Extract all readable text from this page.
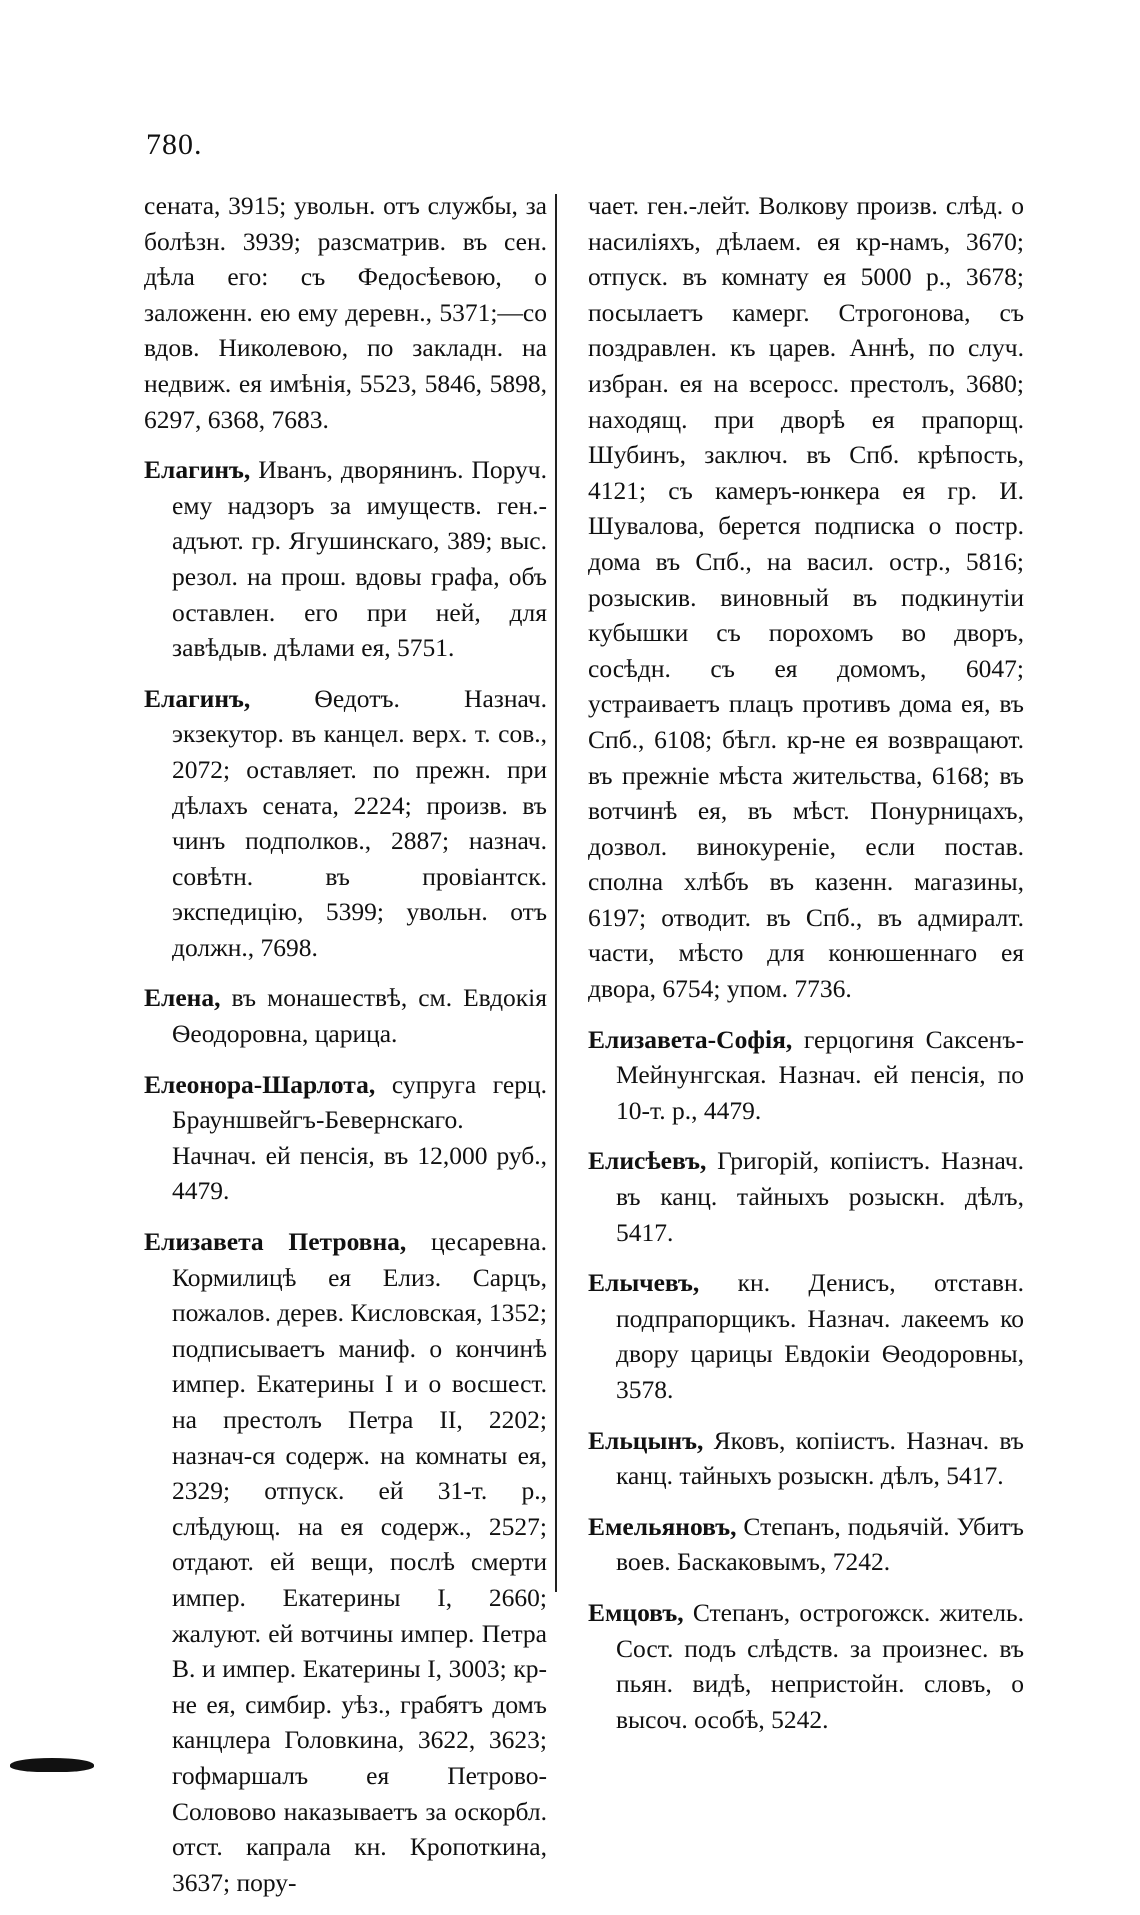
780.

сената, 3915; увольн. отъ службы, за болѣзн. 3939; разсматрив. въ сен. дѣла его: съ Федосѣевою, о заложенн. ею ему деревн., 5371;—со вдов. Николевою, по закладн. на недвиж. ея имѣнія, 5523, 5846, 5898, 6297, 6368, 7683.

Елагинъ, Иванъ, дворянинъ. Поруч. ему надзоръ за имуществ. ген.-адъют. гр. Ягушинскаго, 389; выс. резол. на прош. вдовы графа, объ оставлен. его при ней, для завѣдыв. дѣлами ея, 5751.

Елагинъ, Ѳедотъ. Назнач. экзекутор. въ канцел. верх. т. сов., 2072; оставляет. по прежн. при дѣлахъ сената, 2224; произв. въ чинъ подполков., 2887; назнач. совѣтн. въ провіантск. экспедицію, 5399; увольн. отъ должн., 7698.

Елена, въ монашествѣ, см. Евдокія Ѳеодоровна, царица.

Елеонора-Шарлота, супруга герц. Брауншвейгъ-Бевернскаго. Начнач. ей пенсія, въ 12,000 руб., 4479.

Елизавета Петровна, цесаревна. Кормилицѣ ея Елиз. Сарцъ, пожалов. дерев. Кисловская, 1352; подписываетъ маниф. о кончинѣ импер. Екатерины I и о восшест. на престолъ Петра II, 2202; назнач-ся содерж. на комнаты ея, 2329; отпуск. ей 31-т. р., слѣдующ. на ея содерж., 2527; отдают. ей вещи, послѣ смерти импер. Екатерины I, 2660; жалуют. ей вотчины импер. Петра В. и импер. Екатерины I, 3003; кр-не ея, симбир. уѣз., грабятъ домъ канцлера Головкина, 3622, 3623; гофмаршалъ ея Петрово-Соловово наказываетъ за оскорбл. отст. капрала кн. Кропоткина, 3637; пору-

чает. ген.-лейт. Волкову произв. слѣд. о насиліяхъ, дѣлаем. ея кр-намъ, 3670; отпуск. въ комнату ея 5000 р., 3678; посылаетъ камерг. Строгонова, съ поздравлен. къ царев. Аннѣ, по случ. избран. ея на всеросс. престолъ, 3680; находящ. при дворѣ ея прапорщ. Шубинъ, заключ. въ Спб. крѣпость, 4121; съ камеръ-юнкера ея гр. И. Шувалова, берется подписка о постр. дома въ Спб., на васил. остр., 5816; розыскив. виновный въ подкинутіи кубышки съ порохомъ во дворъ, сосѣдн. съ ея домомъ, 6047; устраиваетъ плацъ противъ дома ея, въ Спб., 6108; бѣгл. кр-не ея возвращают. въ прежніе мѣста жительства, 6168; въ вотчинѣ ея, въ мѣст. Понурницахъ, дозвол. винокуреніе, если постав. сполна хлѣбъ въ казенн. магазины, 6197; отводит. въ Спб., въ адмиралт. части, мѣсто для конюшеннаго ея двора, 6754; упом. 7736.

Елизавета-Софія, герцогиня Саксенъ-Мейнунгская. Назнач. ей пенсія, по 10-т. р., 4479.

Елисѣевъ, Григорій, копіистъ. Назнач. въ канц. тайныхъ розыскн. дѣлъ, 5417.

Елычевъ, кн. Денисъ, отставн. подпрапорщикъ. Назнач. лакеемъ ко двору царицы Евдокіи Ѳеодоровны, 3578.

Ельцынъ, Яковъ, копіистъ. Назнач. въ канц. тайныхъ розыскн. дѣлъ, 5417.

Емельяновъ, Степанъ, подьячій. Убитъ воев. Баскаковымъ, 7242.

Емцовъ, Степанъ, острогожск. житель. Сост. подъ слѣдств. за произнес. въ пьян. видѣ, непристойн. словъ, о высоч. особѣ, 5242.
